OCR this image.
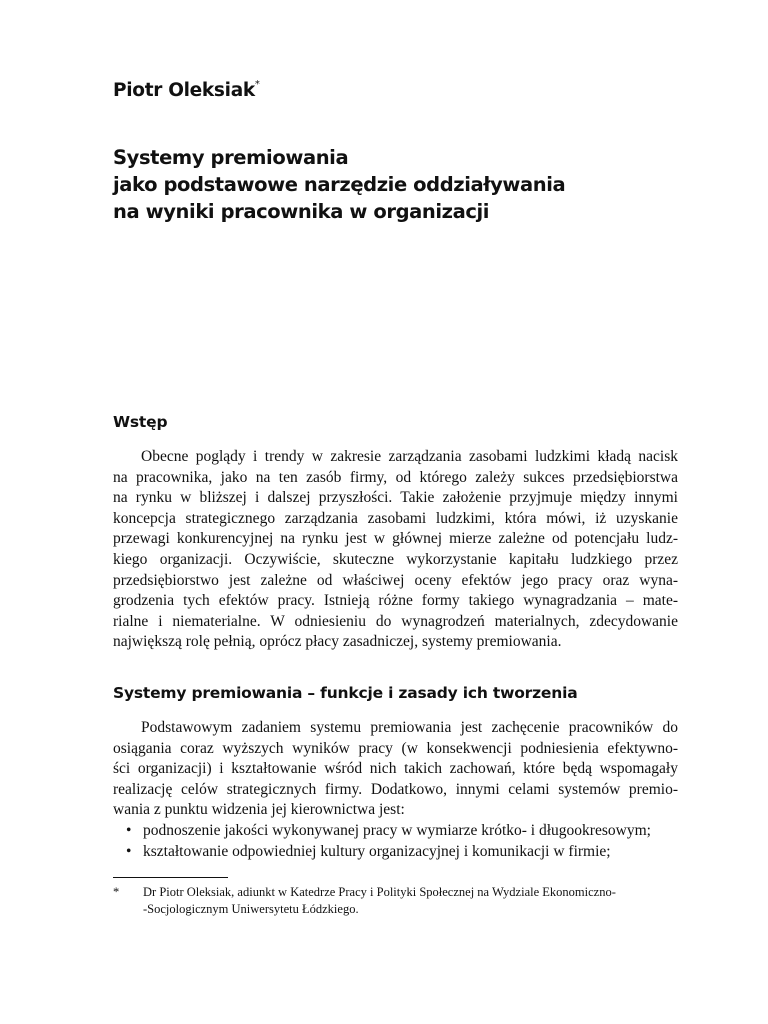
Piotr Oleksiak*
Systemy premiowania
jako podstawowe narzędzie oddziaływania
na wyniki pracownika w organizacji
Wstęp
Obecne poglądy i trendy w zakresie zarządzania zasobami ludzkimi kładą nacisk
na pracownika, jako na ten zasób firmy, od którego zależy sukces przedsiębiorstwa
na rynku w bliższej i dalszej przyszłości. Takie założenie przyjmuje między innymi
koncepcja strategicznego zarządzania zasobami ludzkimi, która mówi, iż uzyskanie
przewagi konkurencyjnej na rynku jest w głównej mierze zależne od potencjału ludz-
kiego organizacji. Oczywiście, skuteczne wykorzystanie kapitału ludzkiego przez
przedsiębiorstwo jest zależne od właściwej oceny efektów jego pracy oraz wyna-
grodzenia tych efektów pracy. Istnieją różne formy takiego wynagradzania – mate-
rialne i niematerialne. W odniesieniu do wynagrodzeń materialnych, zdecydowanie
największą rolę pełnią, oprócz płacy zasadniczej, systemy premiowania.
Systemy premiowania – funkcje i zasady ich tworzenia
Podstawowym zadaniem systemu premiowania jest zachęcenie pracowników do
osiągania coraz wyższych wyników pracy (w konsekwencji podniesienia efektywno-
ści organizacji) i kształtowanie wśród nich takich zachowań, które będą wspomagały
realizację celów strategicznych firmy. Dodatkowo, innymi celami systemów premio-
wania z punktu widzenia jej kierownictwa jest:
• podnoszenie jakości wykonywanej pracy w wymiarze krótko- i długookresowym;
• kształtowanie odpowiedniej kultury organizacyjnej i komunikacji w firmie;
* Dr Piotr Oleksiak, adiunkt w Katedrze Pracy i Polityki Społecznej na Wydziale Ekonomiczno-
-Socjologicznym Uniwersytetu Łódzkiego.
